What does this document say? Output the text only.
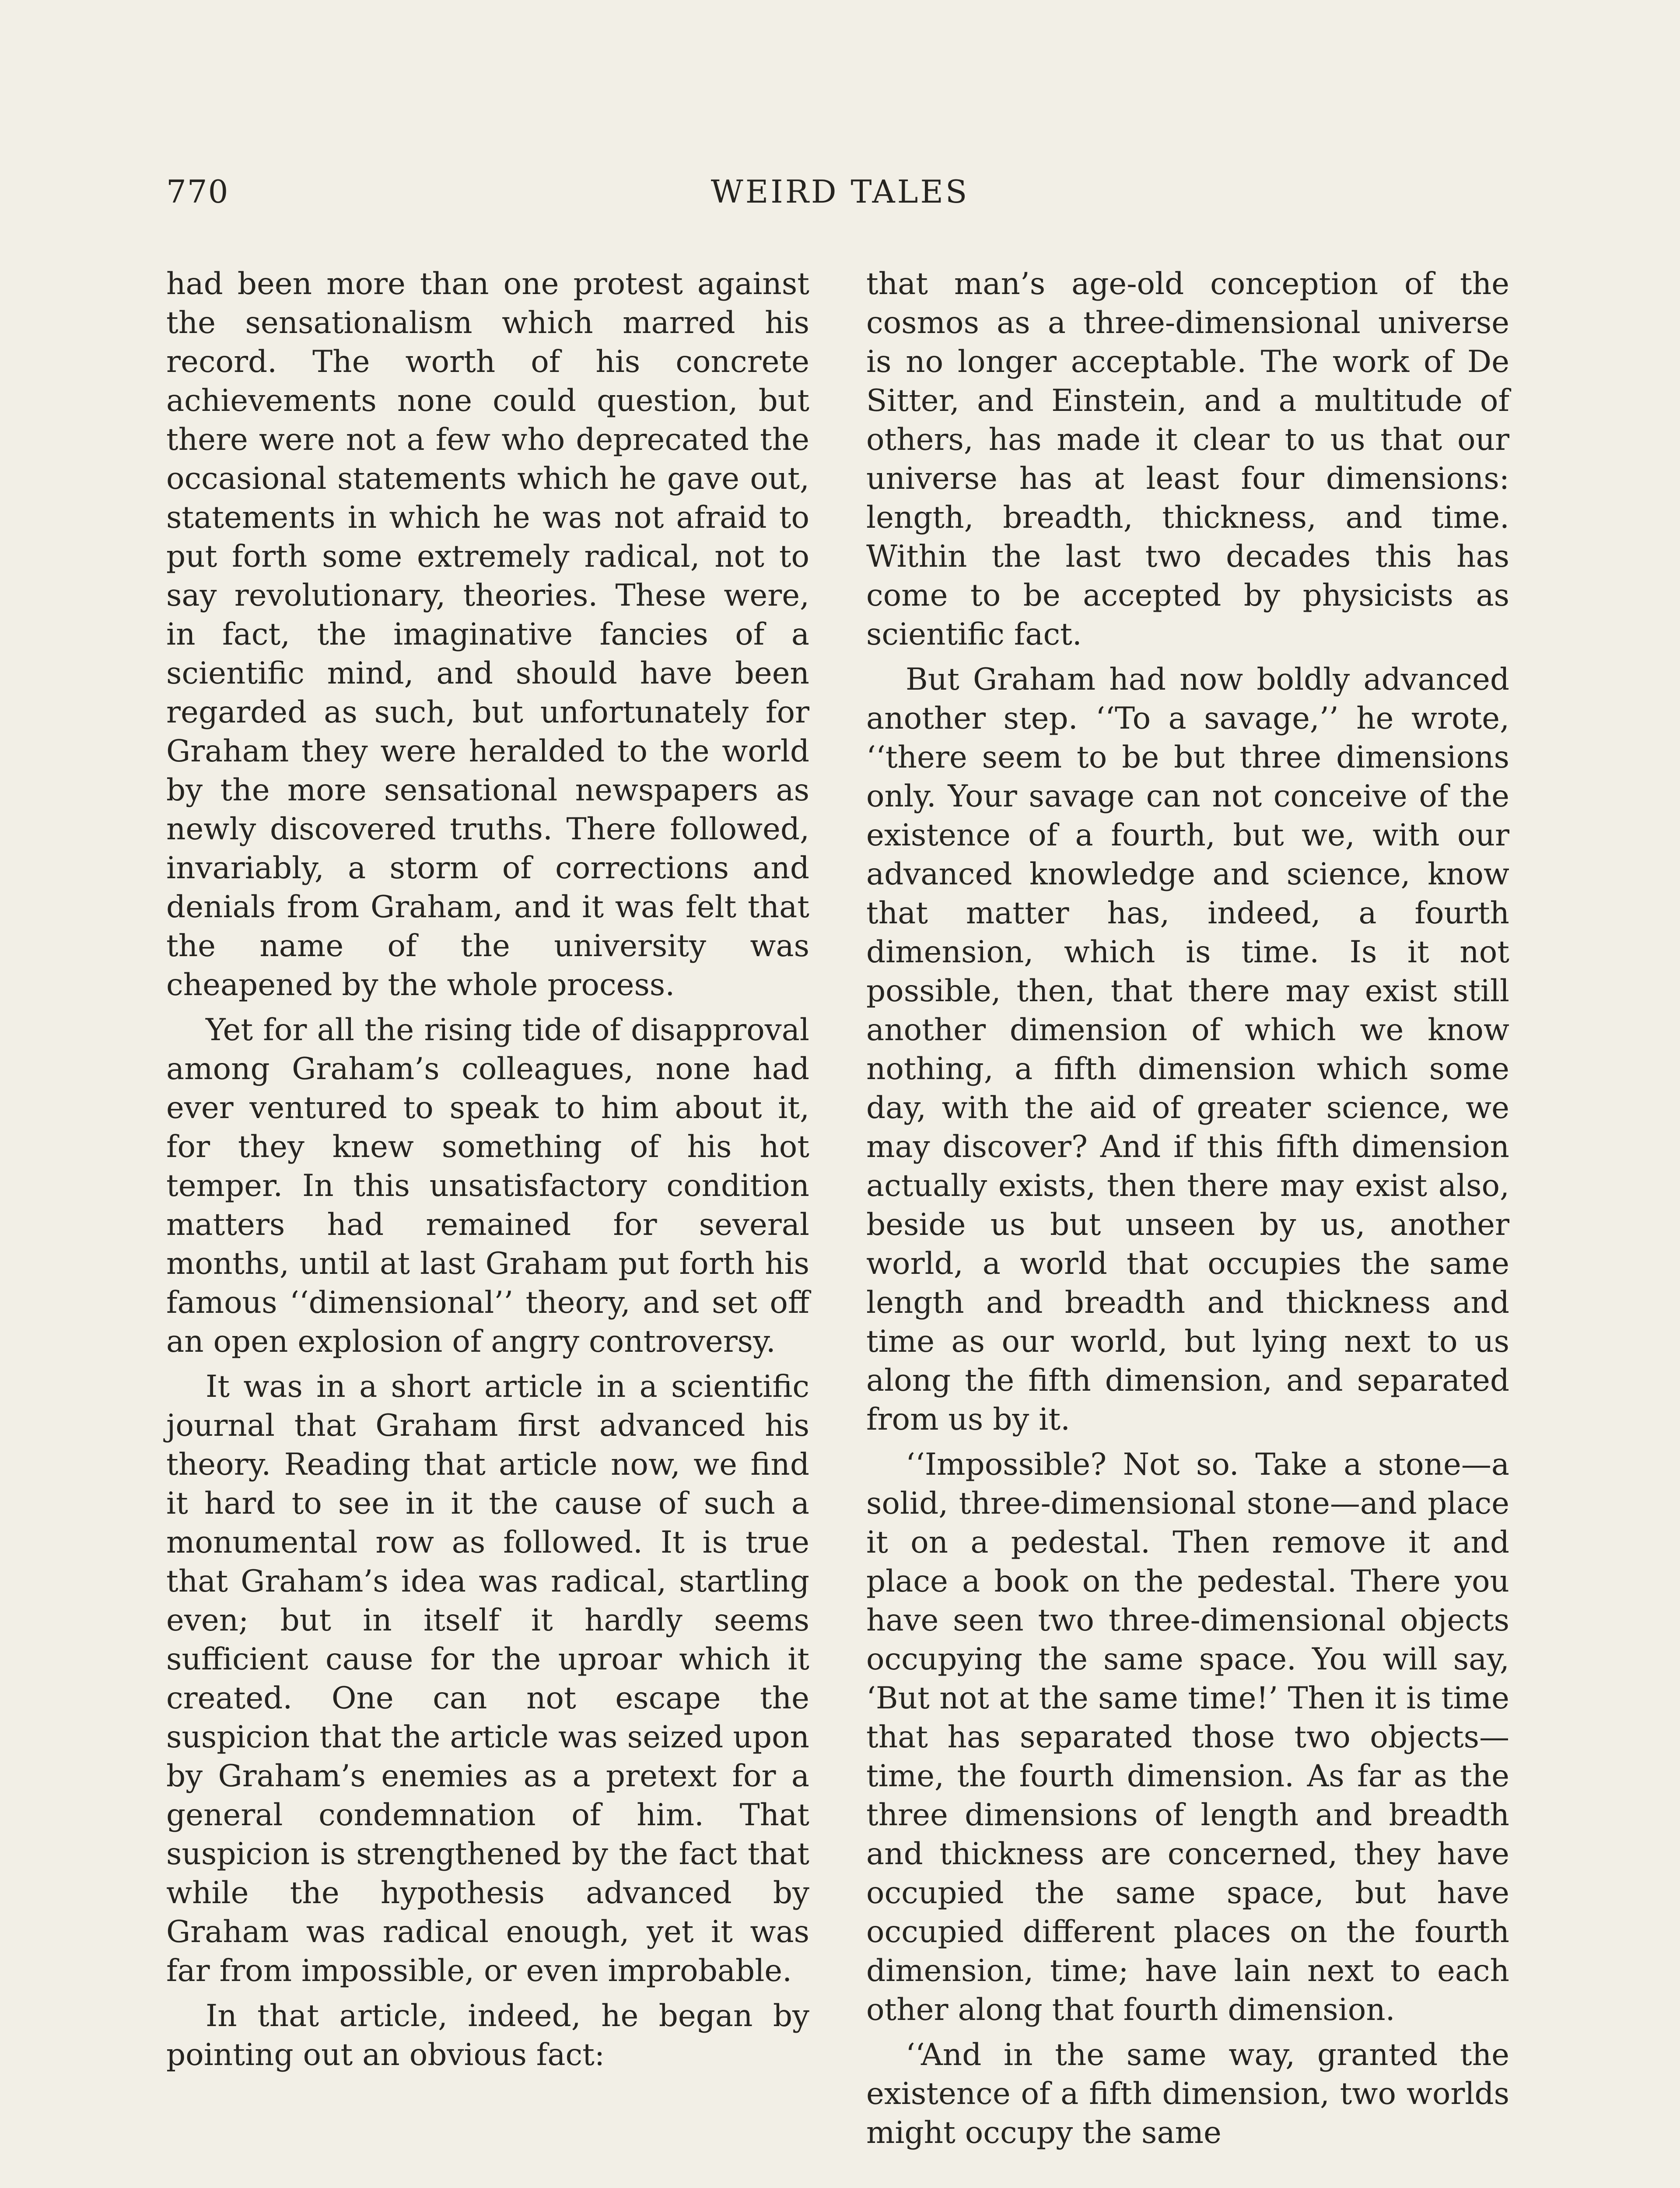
770	WEIRD TALES

had been more than one protest against the sensationalism which marred his record. The worth of his concrete achievements none could question, but there were not a few who deprecated the occasional statements which he gave out, statements in which he was not afraid to put forth some extremely radical, not to say revolutionary, theories. These were, in fact, the imaginative fancies of a scientific mind, and should have been regarded as such, but unfortunately for Graham they were heralded to the world by the more sensational newspapers as newly discovered truths. There followed, invariably, a storm of corrections and denials from Graham, and it was felt that the name of the university was cheapened by the whole process.

Yet for all the rising tide of disapproval among Graham’s colleagues, none had ever ventured to speak to him about it, for they knew something of his hot temper. In this unsatisfactory condition matters had remained for several months, until at last Graham put forth his famous ‘‘dimensional’’ theory, and set off an open explosion of angry controversy.

It was in a short article in a scientific journal that Graham first advanced his theory. Reading that article now, we find it hard to see in it the cause of such a monumental row as followed. It is true that Graham’s idea was radical, startling even; but in itself it hardly seems sufficient cause for the uproar which it created. One can not escape the suspicion that the article was seized upon by Graham’s enemies as a pretext for a general condemnation of him. That suspicion is strengthened by the fact that while the hypothesis advanced by Graham was radical enough, yet it was far from impossible, or even improbable.

In that article, indeed, he began by pointing out an obvious fact:

that man’s age-old conception of the cosmos as a three-dimensional universe is no longer acceptable. The work of De Sitter, and Einstein, and a multitude of others, has made it clear to us that our universe has at least four dimensions: length, breadth, thickness, and time. Within the last two decades this has come to be accepted by physicists as scientific fact.

But Graham had now boldly advanced another step. ‘‘To a savage,’’ he wrote, ‘‘there seem to be but three dimensions only. Your savage can not conceive of the existence of a fourth, but we, with our advanced knowledge and science, know that matter has, indeed, a fourth dimension, which is time. Is it not possible, then, that there may exist still another dimension of which we know nothing, a fifth dimension which some day, with the aid of greater science, we may discover? And if this fifth dimension actually exists, then there may exist also, beside us but unseen by us, another world, a world that occupies the same length and breadth and thickness and time as our world, but lying next to us along the fifth dimension, and separated from us by it.

‘‘Impossible? Not so. Take a stone—a solid, three-dimensional stone—and place it on a pedestal. Then remove it and place a book on the pedestal. There you have seen two three-dimensional objects occupying the same space. You will say, ‘But not at the same time!’ Then it is time that has separated those two objects—time, the fourth dimension. As far as the three dimensions of length and breadth and thickness are concerned, they have occupied the same space, but have occupied different places on the fourth dimension, time; have lain next to each other along that fourth dimension.

‘‘And in the same way, granted the existence of a fifth dimension, two worlds might occupy the same
